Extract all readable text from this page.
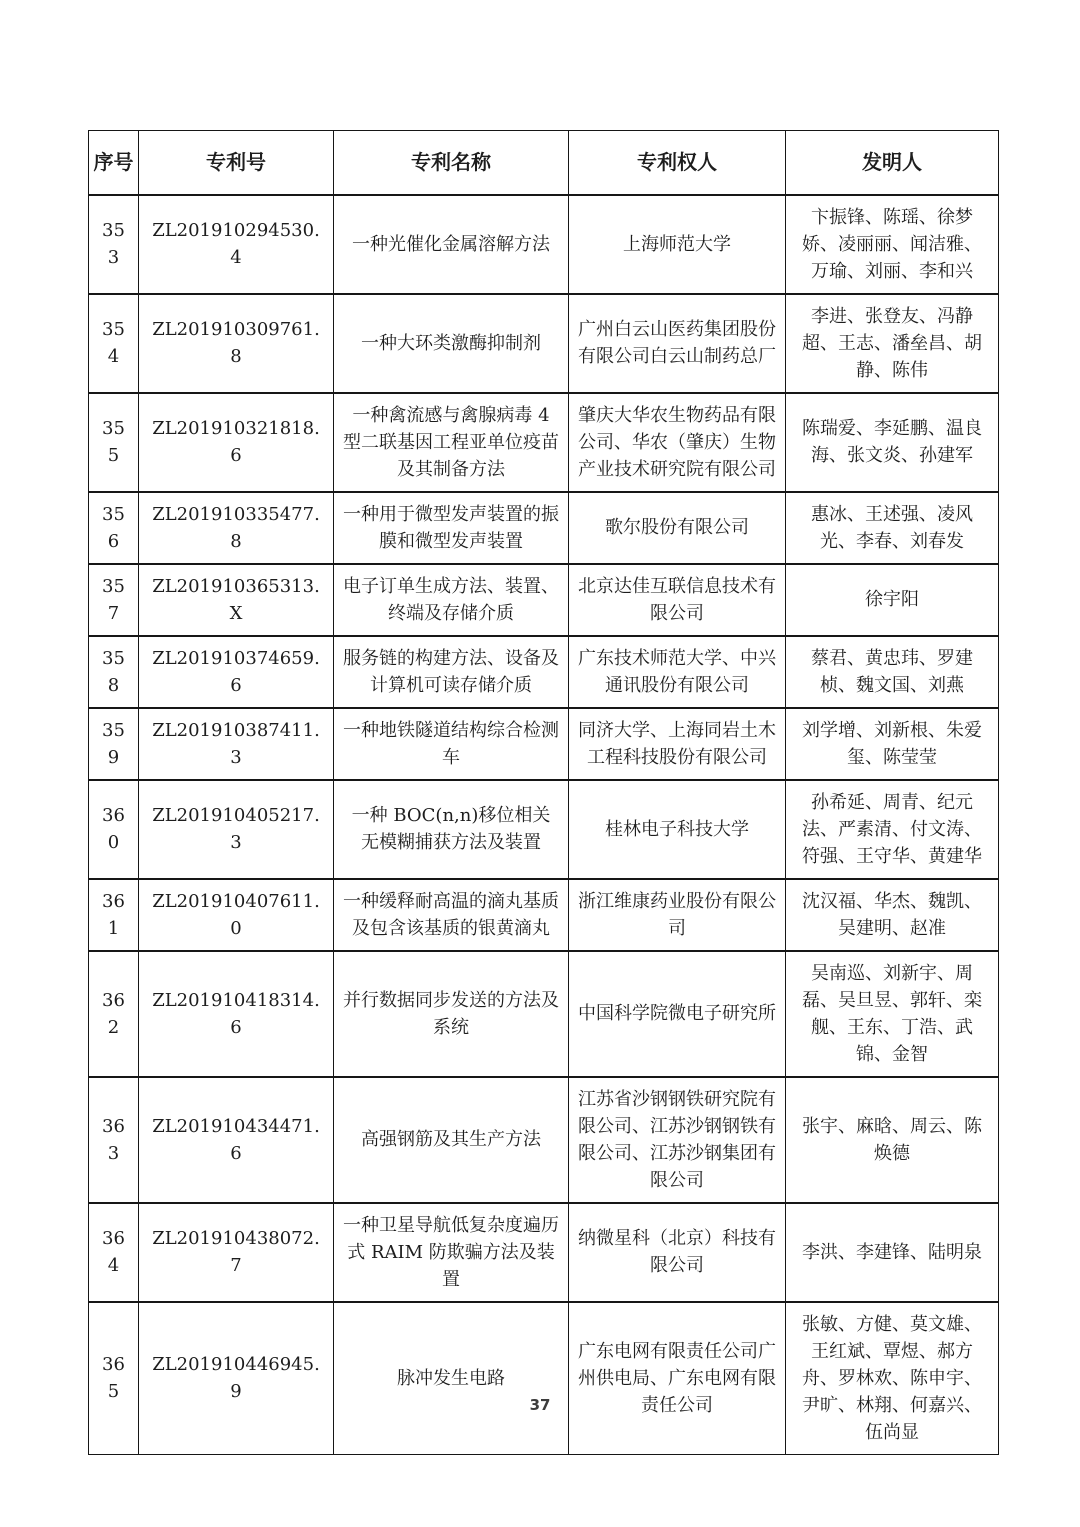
序号	专利号	专利名称	专利权人	发明人
353	ZL201910294530.4	一种光催化金属溶解方法	上海师范大学	卞振锋、陈瑶、徐梦娇、凌丽丽、闻洁雅、万瑜、刘丽、李和兴
354	ZL201910309761.8	一种大环类激酶抑制剂	广州白云山医药集团股份有限公司白云山制药总厂	李进、张登友、冯静超、王志、潘垒昌、胡静、陈伟
355	ZL201910321818.6	一种禽流感与禽腺病毒 4 型二联基因工程亚单位疫苗及其制备方法	肇庆大华农生物药品有限公司、华农（肇庆）生物产业技术研究院有限公司	陈瑞爱、李延鹏、温良海、张文炎、孙建军
356	ZL201910335477.8	一种用于微型发声装置的振膜和微型发声装置	歌尔股份有限公司	惠冰、王述强、凌风光、李春、刘春发
357	ZL201910365313.X	电子订单生成方法、装置、终端及存储介质	北京达佳互联信息技术有限公司	徐宇阳
358	ZL201910374659.6	服务链的构建方法、设备及计算机可读存储介质	广东技术师范大学、中兴通讯股份有限公司	蔡君、黄忠玮、罗建桢、魏文国、刘燕
359	ZL201910387411.3	一种地铁隧道结构综合检测车	同济大学、上海同岩土木工程科技股份有限公司	刘学增、刘新根、朱爱玺、陈莹莹
360	ZL201910405217.3	一种 BOC(n,n)移位相关无模糊捕获方法及装置	桂林电子科技大学	孙希延、周青、纪元法、严素清、付文涛、符强、王守华、黄建华
361	ZL201910407611.0	一种缓释耐高温的滴丸基质及包含该基质的银黄滴丸	浙江维康药业股份有限公司	沈汉福、华杰、魏凯、吴建明、赵准
362	ZL201910418314.6	并行数据同步发送的方法及系统	中国科学院微电子研究所	吴南巡、刘新宇、周磊、吴旦昱、郭轩、栾舰、王东、丁浩、武锦、金智
363	ZL201910434471.6	高强钢筋及其生产方法	江苏省沙钢钢铁研究院有限公司、江苏沙钢钢铁有限公司、江苏沙钢集团有限公司	张宇、麻晗、周云、陈焕德
364	ZL201910438072.7	一种卫星导航低复杂度遍历式 RAIM 防欺骗方法及装置	纳微星科（北京）科技有限公司	李洪、李建锋、陆明泉
365	ZL201910446945.9	脉冲发生电路	广东电网有限责任公司广州供电局、广东电网有限责任公司	张敏、方健、莫文雄、王红斌、覃煜、郝方舟、罗林欢、陈申宇、尹旷、林翔、何嘉兴、伍尚显
37
